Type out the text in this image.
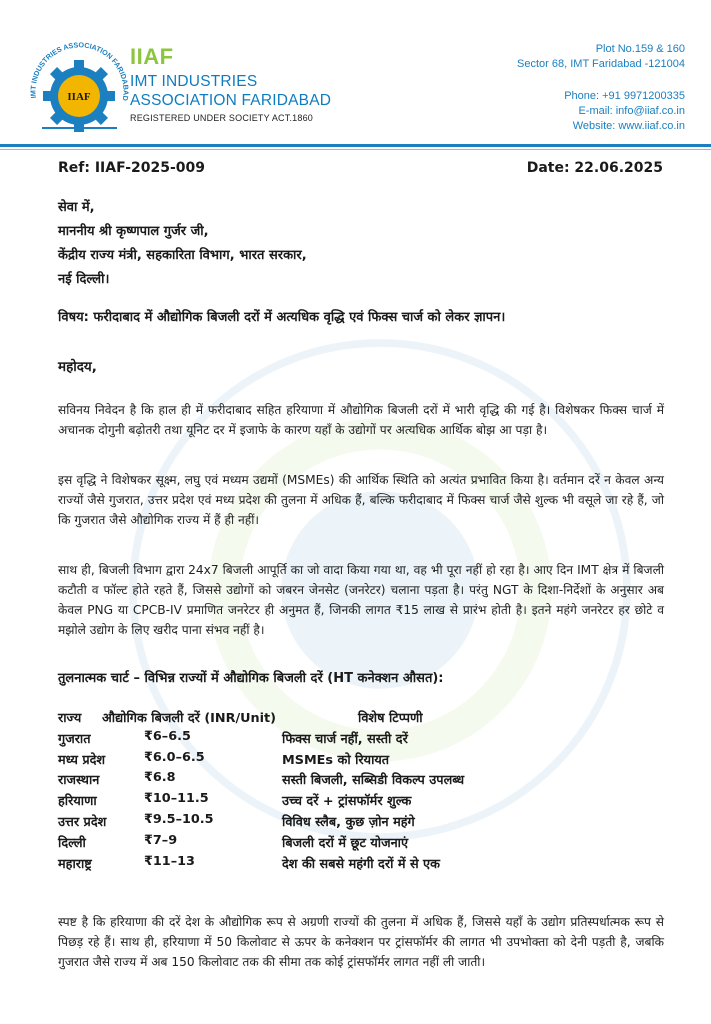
IMT INDUSTRIES ASSOCIATION FARIDABAD
IIAF
IIAF
IMT INDUSTRIES
ASSOCIATION FARIDABAD
REGISTERED UNDER SOCIETY ACT.1860
Plot No.159 & 160
Sector 68, IMT Faridabad -121004
Phone: +91 9971200335
E-mail: info@iiaf.co.in
Website: www.iiaf.co.in
Ref: IIAF-2025-009	Date: 22.06.2025
सेवा में,
माननीय श्री कृष्णपाल गुर्जर जी,
केंद्रीय राज्य मंत्री, सहकारिता विभाग, भारत सरकार,
नई दिल्ली।
विषय: फरीदाबाद में औद्योगिक बिजली दरों में अत्यधिक वृद्धि एवं फिक्स चार्ज को लेकर ज्ञापन।
महोदय,
सविनय निवेदन है कि हाल ही में फरीदाबाद सहित हरियाणा में औद्योगिक बिजली दरों में भारी वृद्धि की गई है। विशेषकर फिक्स चार्ज में अचानक दोगुनी बढ़ोतरी तथा यूनिट दर में इजाफे के कारण यहाँ के उद्योगों पर अत्यधिक आर्थिक बोझ आ पड़ा है।
इस वृद्धि ने विशेषकर सूक्ष्म, लघु एवं मध्यम उद्यमों (MSMEs) की आर्थिक स्थिति को अत्यंत प्रभावित किया है। वर्तमान दरें न केवल अन्य राज्यों जैसे गुजरात, उत्तर प्रदेश एवं मध्य प्रदेश की तुलना में अधिक हैं, बल्कि फरीदाबाद में फिक्स चार्ज जैसे शुल्क भी वसूले जा रहे हैं, जो कि गुजरात जैसे औद्योगिक राज्य में हैं ही नहीं।
साथ ही, बिजली विभाग द्वारा 24x7 बिजली आपूर्ति का जो वादा किया गया था, वह भी पूरा नहीं हो रहा है। आए दिन IMT क्षेत्र में बिजली कटौती व फॉल्ट होते रहते हैं, जिससे उद्योगों को जबरन जेनसेट (जनरेटर) चलाना पड़ता है। परंतु NGT के दिशा-निर्देशों के अनुसार अब केवल PNG या CPCB-IV प्रमाणित जनरेटर ही अनुमत हैं, जिनकी लागत ₹15 लाख से प्रारंभ होती है। इतने महंगे जनरेटर हर छोटे व मझोले उद्योग के लिए खरीद पाना संभव नहीं है।
तुलनात्मक चार्ट – विभिन्न राज्यों में औद्योगिक बिजली दरें (HT कनेक्शन औसत):
राज्य औद्योगिक बिजली दरें (INR/Unit)	विशेष टिप्पणी
गुजरात	₹6–6.5	फिक्स चार्ज नहीं, सस्ती दरें
मध्य प्रदेश	₹6.0–6.5	MSMEs को रियायत
राजस्थान	₹6.8	सस्ती बिजली, सब्सिडी विकल्प उपलब्ध
हरियाणा	₹10–11.5	उच्च दरें + ट्रांसफॉर्मर शुल्क
उत्तर प्रदेश	₹9.5–10.5	विविध स्लैब, कुछ ज़ोन महंगे
दिल्ली	₹7–9	बिजली दरों में छूट योजनाएं
महाराष्ट्र	₹11–13	देश की सबसे महंगी दरों में से एक
स्पष्ट है कि हरियाणा की दरें देश के औद्योगिक रूप से अग्रणी राज्यों की तुलना में अधिक हैं, जिससे यहाँ के उद्योग प्रतिस्पर्धात्मक रूप से पिछड़ रहे हैं। साथ ही, हरियाणा में 50 किलोवाट से ऊपर के कनेक्शन पर ट्रांसफॉर्मर की लागत भी उपभोक्ता को देनी पड़ती है, जबकि गुजरात जैसे राज्य में अब 150 किलोवाट तक की सीमा तक कोई ट्रांसफॉर्मर लागत नहीं ली जाती।
